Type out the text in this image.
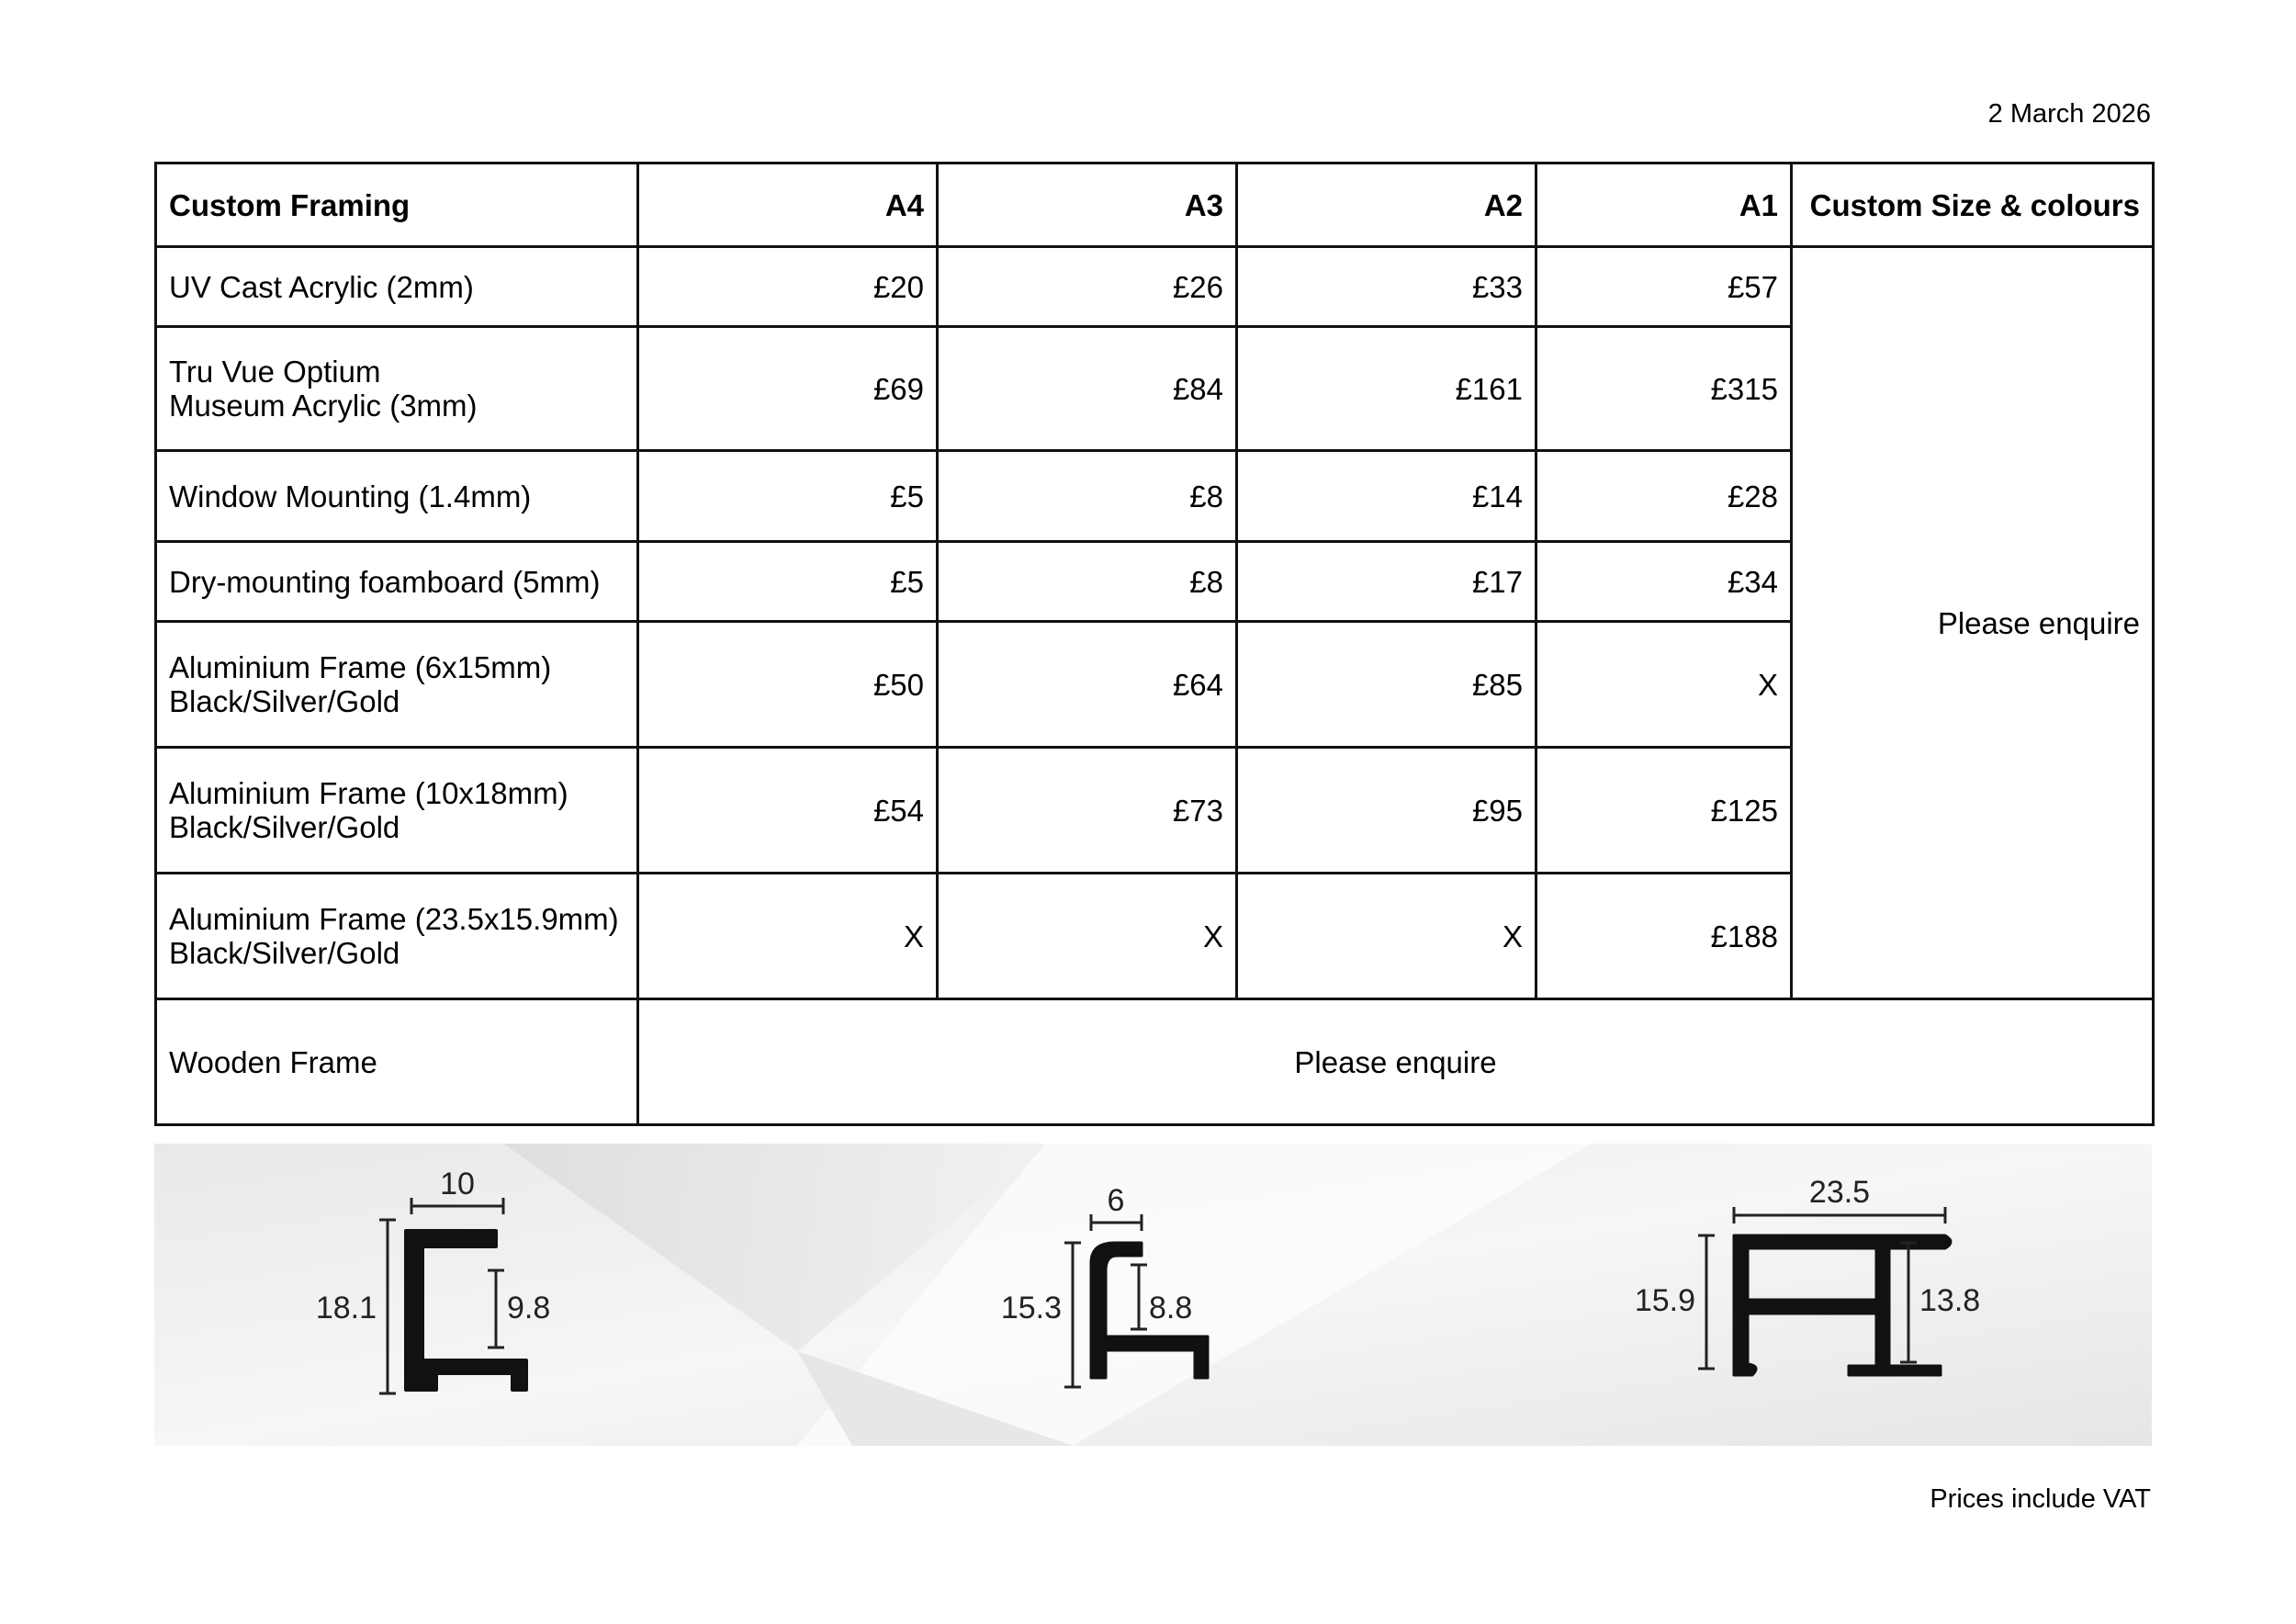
2 March 2026
Custom Framing	A4	A3	A2	A1	Custom Size & colours
UV Cast Acrylic (2mm)	£20	£26	£33	£57	Please enquire

Tru Vue Optium
Museum Acrylic (3mm)	£69	£84	£161	£315	
Window Mounting (1.4mm)	£5	£8	£14	£28	
Dry-mounting foamboard (5mm)	£5	£8	£17	£34	

Aluminium Frame (6x15mm)
Black/Silver/Gold	£50	£64	£85	X	

Aluminium Frame (10x18mm)
Black/Silver/Gold	£54	£73	£95	£125	

Aluminium Frame (23.5x15.9mm)
Black/Silver/Gold	X	X	X	£188	
Wooden Frame	Please enquire				
18.1	9.8
10
15.3	8.8
6
15.9	13.8
23.5
Prices include VAT
